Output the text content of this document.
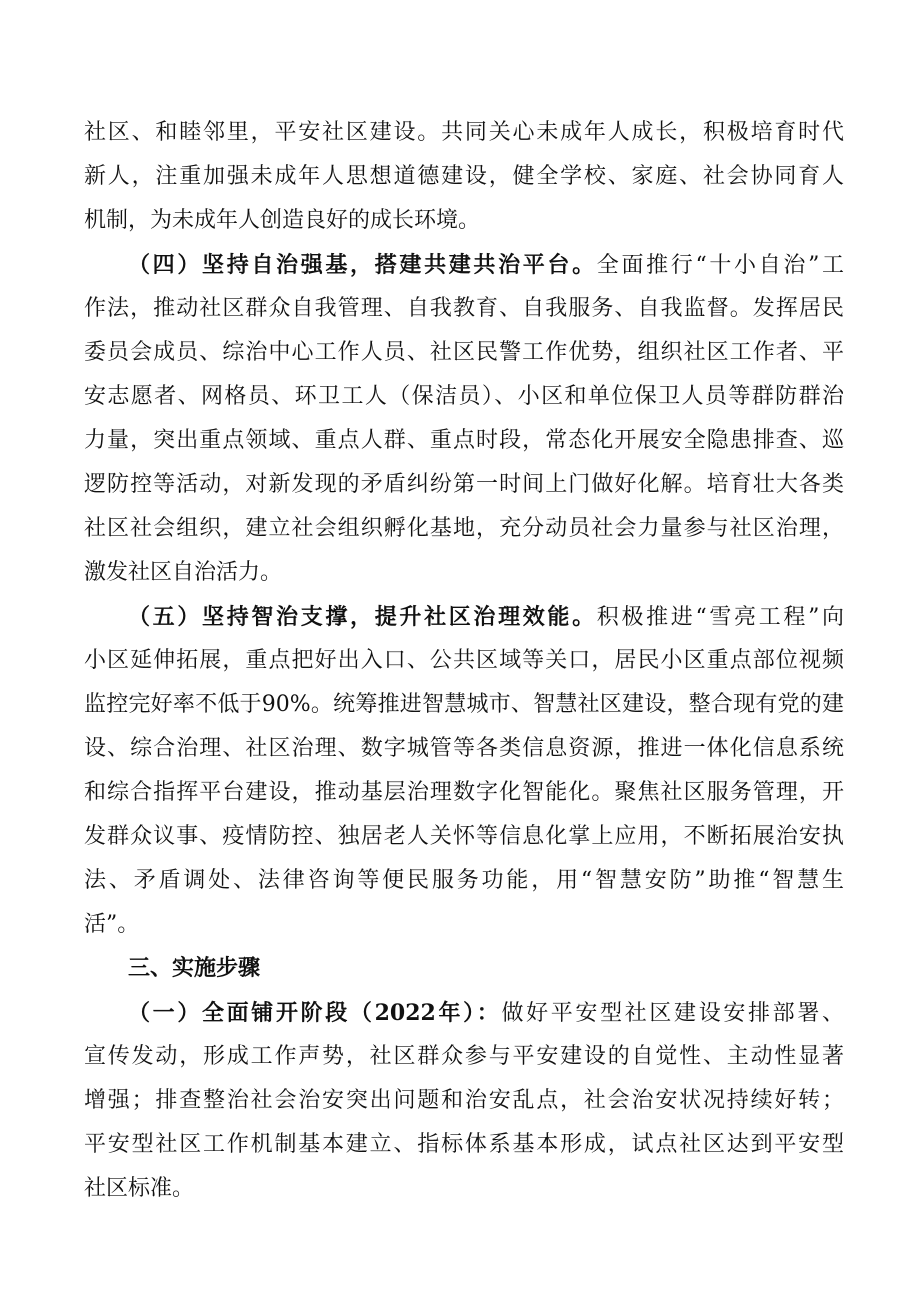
社区、和睦邻里，平安社区建设。共同关心未成年人成长，积极培育时代
新人，注重加强未成年人思想道德建设，健全学校、家庭、社会协同育人
机制，为未成年人创造良好的成长环境。
（四）坚持自治强基，搭建共建共治平台。全面推行“十小自治”工
作法，推动社区群众自我管理、自我教育、自我服务、自我监督。发挥居民
委员会成员、综治中心工作人员、社区民警工作优势，组织社区工作者、平
安志愿者、网格员、环卫工人（保洁员）、小区和单位保卫人员等群防群治
力量，突出重点领域、重点人群、重点时段，常态化开展安全隐患排查、巡
逻防控等活动，对新发现的矛盾纠纷第一时间上门做好化解。培育壮大各类
社区社会组织，建立社会组织孵化基地，充分动员社会力量参与社区治理，
激发社区自治活力。
（五）坚持智治支撑，提升社区治理效能。积极推进“雪亮工程”向
小区延伸拓展，重点把好出入口、公共区域等关口，居民小区重点部位视频
监控完好率不低于90%。统筹推进智慧城市、智慧社区建设，整合现有党的建
设、综合治理、社区治理、数字城管等各类信息资源，推进一体化信息系统
和综合指挥平台建设，推动基层治理数字化智能化。聚焦社区服务管理，开
发群众议事、疫情防控、独居老人关怀等信息化掌上应用，不断拓展治安执
法、矛盾调处、法律咨询等便民服务功能，用“智慧安防”助推“智慧生
活”。
三、实施步骤
（一）全面铺开阶段（2022年）：做好平安型社区建设安排部署、
宣传发动，形成工作声势，社区群众参与平安建设的自觉性、主动性显著
增强；排查整治社会治安突出问题和治安乱点，社会治安状况持续好转；
平安型社区工作机制基本建立、指标体系基本形成，试点社区达到平安型
社区标准。
